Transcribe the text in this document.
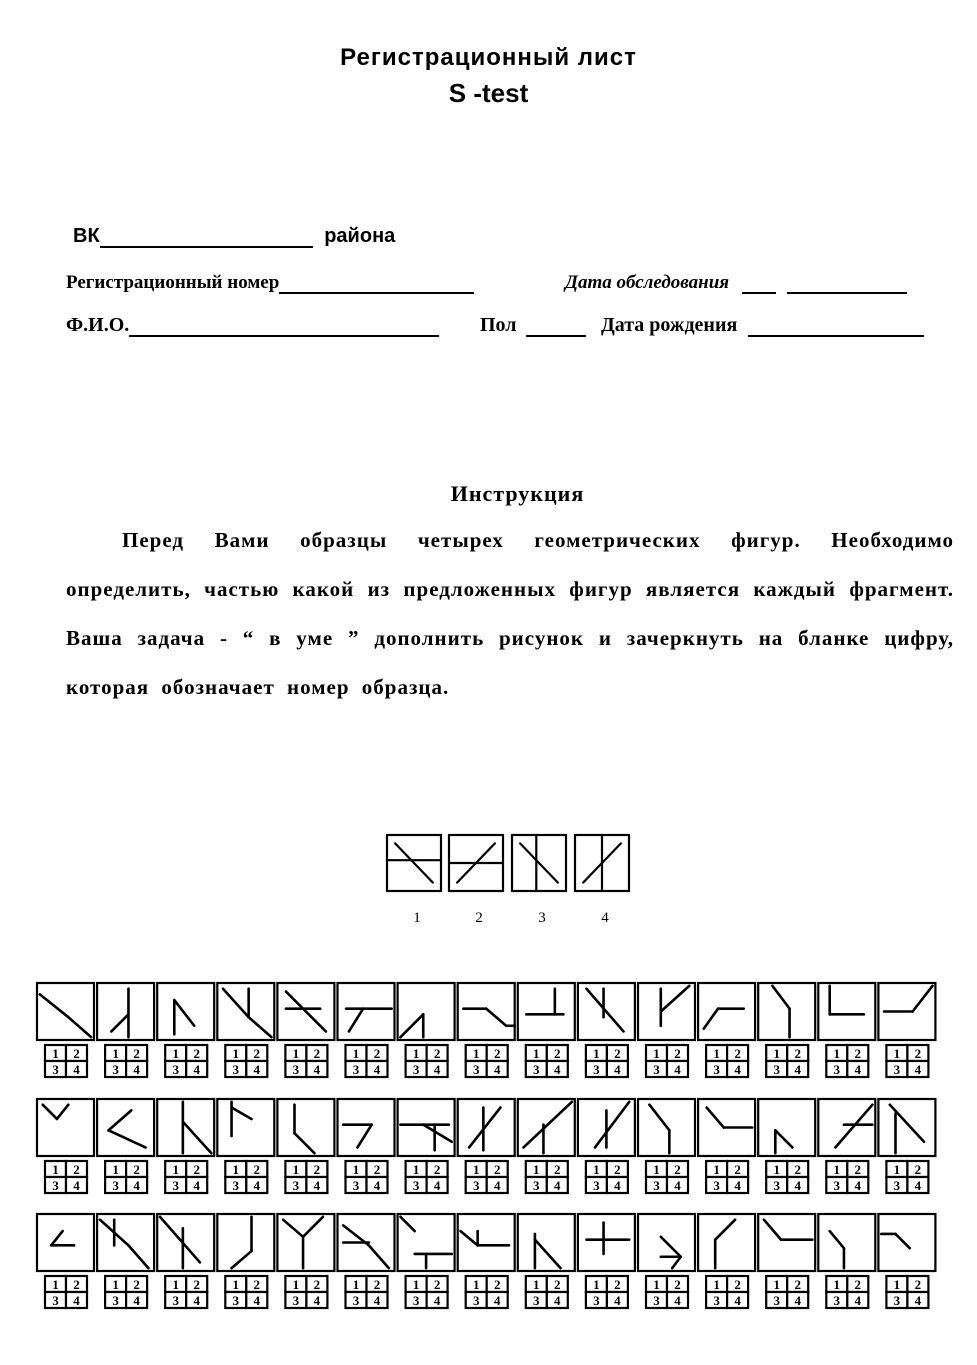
Регистрационный лист
S -test
ВК	района
Регистрационный номер	Дата обследования
Ф.И.О.	Пол	Дата рождения
Инструкция
Перед Вами образцы четырех геометрических фигур. Необходимо определить, частью какой из предложенных фигур является каждый фрагмент. Ваша задача - “ в уме ” дополнить рисунок и зачеркнуть на бланке цифру, которая обозначает номер образца.
1	2	3	4
1 2
3 4
1 2
3 4
1 2
3 4
1 2
3 4
1 2
3 4
1 2
3 4
1 2
3 4
1 2
3 4
1 2
3 4
1 2
3 4
1 2
3 4
1 2
3 4
1 2
3 4
1 2
3 4
1 2
3 4
1 2
3 4
1 2
3 4
1 2
3 4
1 2
3 4
1 2
3 4
1 2
3 4
1 2
3 4
1 2
3 4
1 2
3 4
1 2
3 4
1 2
3 4
1 2
3 4
1 2
3 4
1 2
3 4
1 2
3 4
1 2
3 4
1 2
3 4
1 2
3 4
1 2
3 4
1 2
3 4
1 2
3 4
1 2
3 4
1 2
3 4
1 2
3 4
1 2
3 4
1 2
3 4
1 2
3 4
1 2
3 4
1 2
3 4
1 2
3 4
